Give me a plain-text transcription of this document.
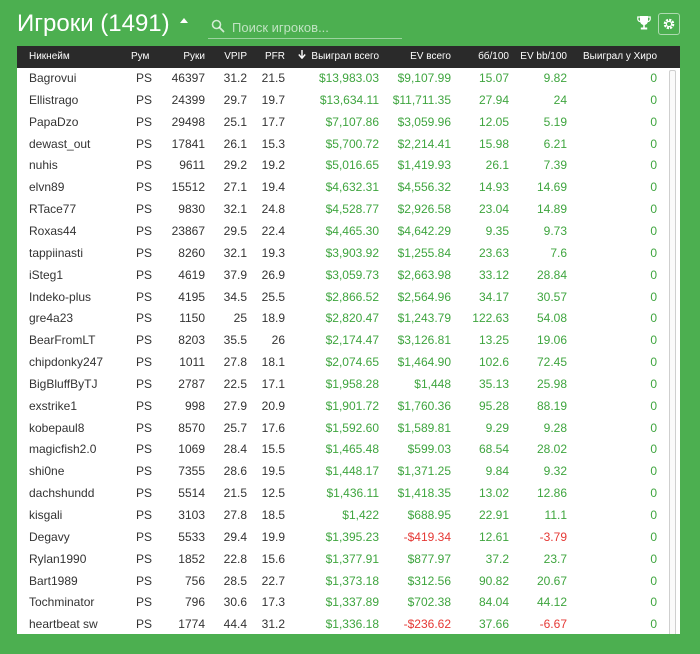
Игроки (1491)
Поиск игроков...
Никнейм	Рум	Руки	VPIP	PFR	Выиграл всего	EV всего	бб/100	EV bb/100	Выиграл у Хиро
Bagrovui	PS	46397	31.2	21.5	$13,983.03	$9,107.99	15.07	9.82	0
Ellistrago	PS	24399	29.7	19.7	$13,634.11	$11,711.35	27.94	24	0
PapaDzo	PS	29498	25.1	17.7	$7,107.86	$3,059.96	12.05	5.19	0
dewast_out	PS	17841	26.1	15.3	$5,700.72	$2,214.41	15.98	6.21	0
nuhis	PS	9611	29.2	19.2	$5,016.65	$1,419.93	26.1	7.39	0
elvn89	PS	15512	27.1	19.4	$4,632.31	$4,556.32	14.93	14.69	0
RTace77	PS	9830	32.1	24.8	$4,528.77	$2,926.58	23.04	14.89	0
Roxas44	PS	23867	29.5	22.4	$4,465.30	$4,642.29	9.35	9.73	0
tappiinasti	PS	8260	32.1	19.3	$3,903.92	$1,255.84	23.63	7.6	0
iSteg1	PS	4619	37.9	26.9	$3,059.73	$2,663.98	33.12	28.84	0
Indeko-plus	PS	4195	34.5	25.5	$2,866.52	$2,564.96	34.17	30.57	0
gre4a23	PS	1150	25	18.9	$2,820.47	$1,243.79	122.63	54.08	0
BearFromLT	PS	8203	35.5	26	$2,174.47	$3,126.81	13.25	19.06	0
chipdonky247	PS	1011	27.8	18.1	$2,074.65	$1,464.90	102.6	72.45	0
BigBluffByTJ	PS	2787	22.5	17.1	$1,958.28	$1,448	35.13	25.98	0
exstrike1	PS	998	27.9	20.9	$1,901.72	$1,760.36	95.28	88.19	0
kobepaul8	PS	8570	25.7	17.6	$1,592.60	$1,589.81	9.29	9.28	0
magicfish2.0	PS	1069	28.4	15.5	$1,465.48	$599.03	68.54	28.02	0
shi0ne	PS	7355	28.6	19.5	$1,448.17	$1,371.25	9.84	9.32	0
dachshundd	PS	5514	21.5	12.5	$1,436.11	$1,418.35	13.02	12.86	0
kisgali	PS	3103	27.8	18.5	$1,422	$688.95	22.91	11.1	0
Degavy	PS	5533	29.4	19.9	$1,395.23	-$419.34	12.61	-3.79	0
Rylan1990	PS	1852	22.8	15.6	$1,377.91	$877.97	37.2	23.7	0
Bart1989	PS	756	28.5	22.7	$1,373.18	$312.56	90.82	20.67	0
Tochminator	PS	796	30.6	17.3	$1,337.89	$702.38	84.04	44.12	0
heartbeat sw	PS	1774	44.4	31.2	$1,336.18	-$236.62	37.66	-6.67	0
